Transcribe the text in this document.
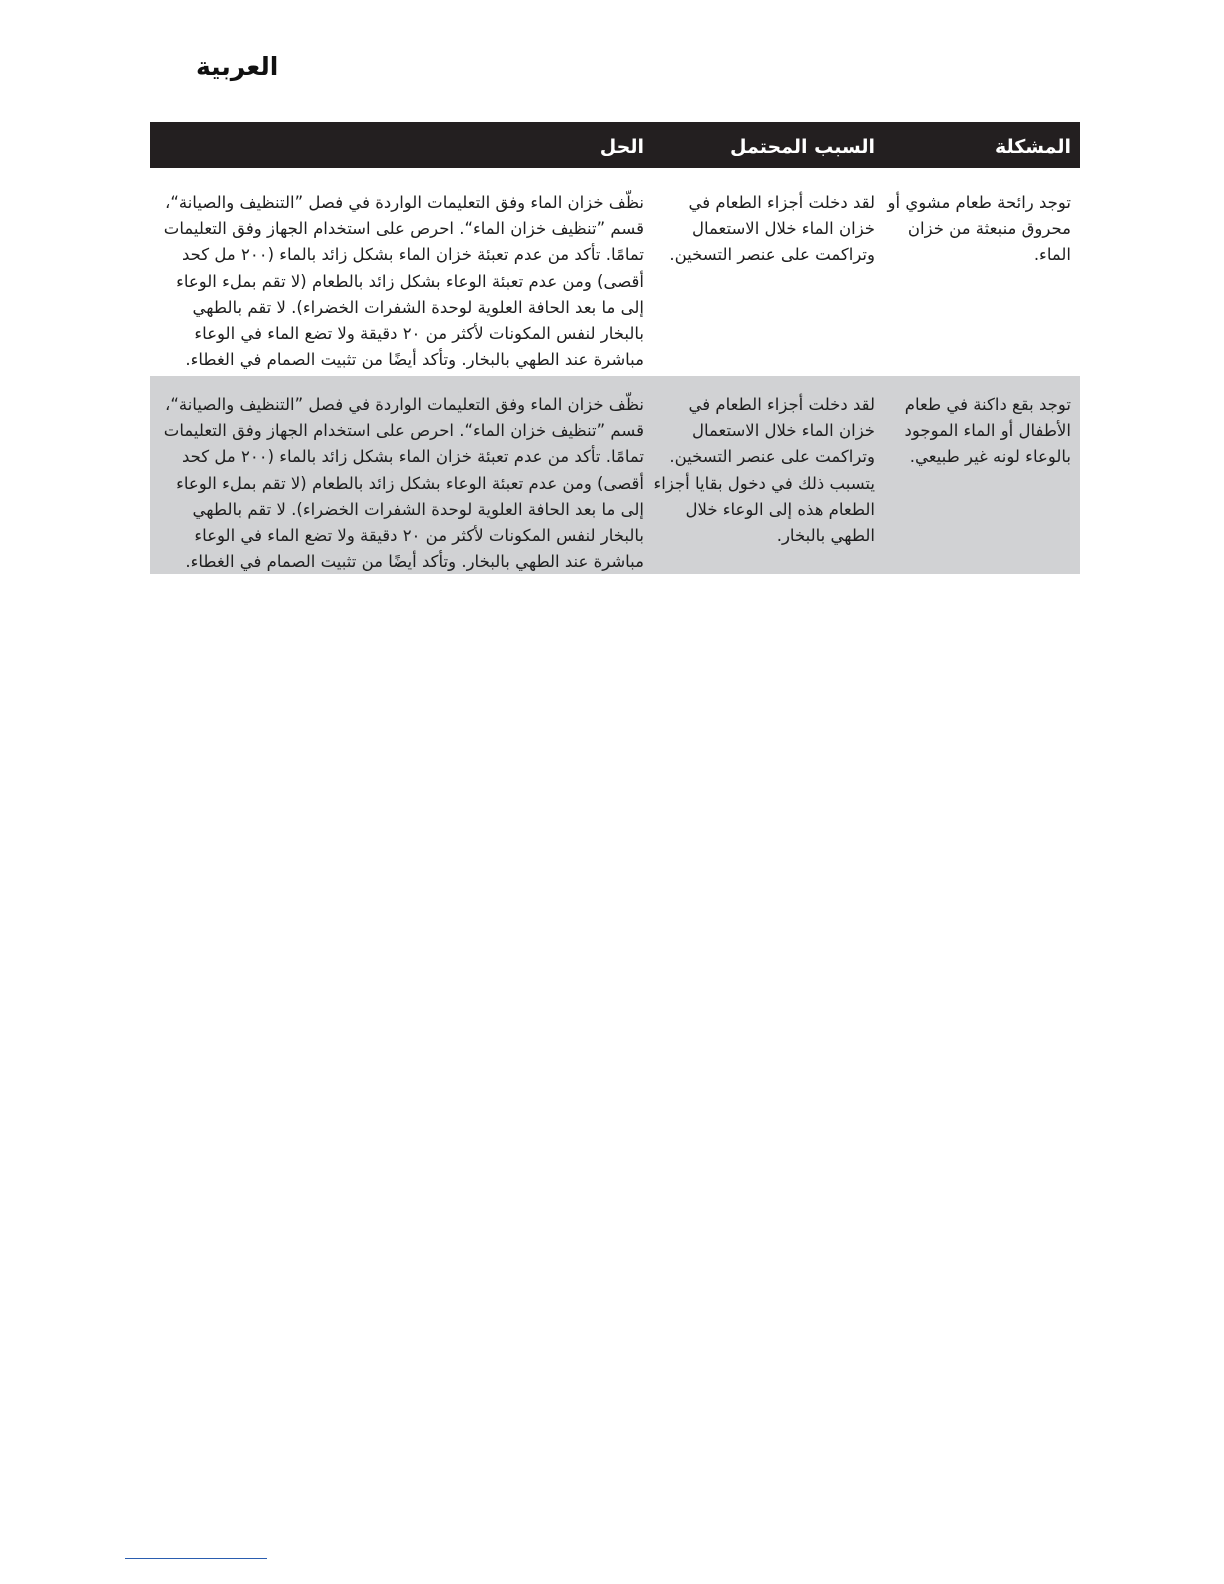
العربية
المشكلة
السبب المحتمل
الحل
توجد رائحة طعام مشوي أو محروق منبعثة من خزان الماء.
لقد دخلت أجزاء الطعام في خزان الماء خلال الاستعمال وتراكمت على عنصر التسخين.
نظّف خزان الماء وفق التعليمات الواردة في فصل ”التنظيف والصيانة“، قسم ”تنظيف خزان الماء“. احرص على استخدام الجهاز وفق التعليمات تمامًا. تأكد من عدم تعبئة خزان الماء بشكل زائد بالماء (٢٠٠ مل كحد أقصى) ومن عدم تعبئة الوعاء بشكل زائد بالطعام (لا تقم بملء الوعاء إلى ما بعد الحافة العلوية لوحدة الشفرات الخضراء). لا تقم بالطهي بالبخار لنفس المكونات لأكثر من ٢٠ دقيقة ولا تضع الماء في الوعاء مباشرة عند الطهي بالبخار. وتأكد أيضًا من تثبيت الصمام في الغطاء.
توجد بقع داكنة في طعام الأطفال أو الماء الموجود بالوعاء لونه غير طبيعي.
لقد دخلت أجزاء الطعام في خزان الماء خلال الاستعمال وتراكمت على عنصر التسخين. يتسبب ذلك في دخول بقايا أجزاء الطعام هذه إلى الوعاء خلال الطهي بالبخار.
نظّف خزان الماء وفق التعليمات الواردة في فصل ”التنظيف والصيانة“، قسم ”تنظيف خزان الماء“. احرص على استخدام الجهاز وفق التعليمات تمامًا. تأكد من عدم تعبئة خزان الماء بشكل زائد بالماء (٢٠٠ مل كحد أقصى) ومن عدم تعبئة الوعاء بشكل زائد بالطعام (لا تقم بملء الوعاء إلى ما بعد الحافة العلوية لوحدة الشفرات الخضراء). لا تقم بالطهي بالبخار لنفس المكونات لأكثر من ٢٠ دقيقة ولا تضع الماء في الوعاء مباشرة عند الطهي بالبخار. وتأكد أيضًا من تثبيت الصمام في الغطاء.
